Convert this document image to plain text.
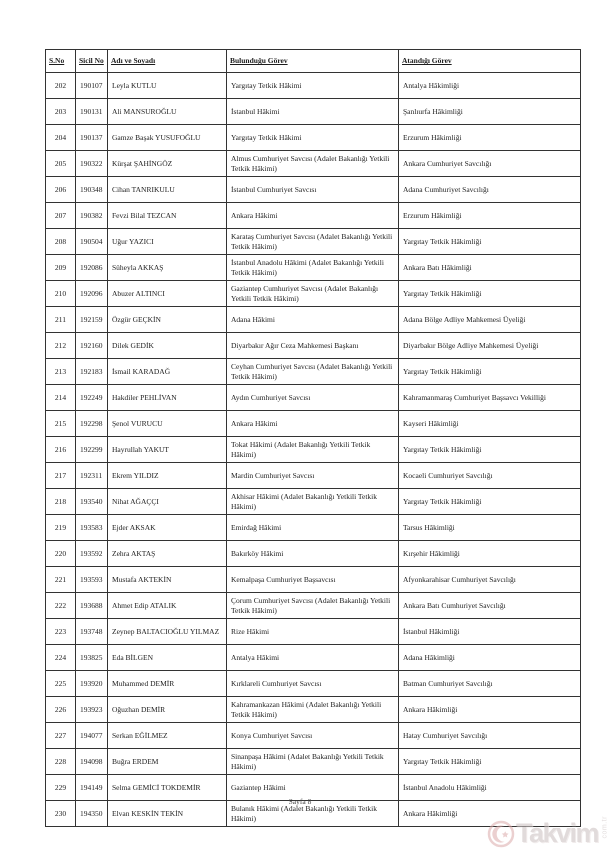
S.No	Sicil No	Adı ve Soyadı	Bulunduğu Görev	Atandığı Görev
202	190107	Leyla KUTLU	Yargıtay Tetkik Hâkimi	Antalya Hâkimliği
203	190131	Ali MANSUROĞLU	İstanbul Hâkimi	Şanlıurfa Hâkimliği
204	190137	Gamze Başak YUSUFOĞLU	Yargıtay Tetkik Hâkimi	Erzurum Hâkimliği
205	190322	Kürşat ŞAHİNGÖZ	Almus Cumhuriyet Savcısı (Adalet Bakanlığı Yetkili Tetkik Hâkimi)	Ankara Cumhuriyet Savcılığı
206	190348	Cihan TANRIKULU	İstanbul Cumhuriyet Savcısı	Adana Cumhuriyet Savcılığı
207	190382	Fevzi Bilal TEZCAN	Ankara Hâkimi	Erzurum Hâkimliği
208	190504	Uğur YAZICI	Karataş Cumhuriyet Savcısı (Adalet Bakanlığı Yetkili Tetkik Hâkimi)	Yargıtay Tetkik Hâkimliği
209	192086	Süheyla AKKAŞ	İstanbul Anadolu Hâkimi (Adalet Bakanlığı Yetkili Tetkik Hâkimi)	Ankara Batı Hâkimliği
210	192096	Abuzer ALTINCI	Gaziantep Cumhuriyet Savcısı (Adalet Bakanlığı Yetkili Tetkik Hâkimi)	Yargıtay Tetkik Hâkimliği
211	192159	Özgür GEÇKİN	Adana Hâkimi	Adana Bölge Adliye Mahkemesi Üyeliği
212	192160	Dilek GEDİK	Diyarbakır Ağır Ceza Mahkemesi Başkanı	Diyarbakır Bölge Adliye Mahkemesi Üyeliği
213	192183	İsmail KARADAĞ	Ceyhan Cumhuriyet Savcısı (Adalet Bakanlığı Yetkili Tetkik Hâkimi)	Yargıtay Tetkik Hâkimliği
214	192249	Hakdiler PEHLİVAN	Aydın Cumhuriyet Savcısı	Kahramanmaraş Cumhuriyet Başsavcı Vekilliği
215	192298	Şenol VURUCU	Ankara Hâkimi	Kayseri Hâkimliği
216	192299	Hayrullah YAKUT	Tokat Hâkimi (Adalet Bakanlığı Yetkili Tetkik Hâkimi)	Yargıtay Tetkik Hâkimliği
217	192311	Ekrem YILDIZ	Mardin Cumhuriyet Savcısı	Kocaeli Cumhuriyet Savcılığı
218	193540	Nihat AĞAÇÇI	Akhisar Hâkimi (Adalet Bakanlığı Yetkili Tetkik Hâkimi)	Yargıtay Tetkik Hâkimliği
219	193583	Ejder AKSAK	Emirdağ Hâkimi	Tarsus Hâkimliği
220	193592	Zehra AKTAŞ	Bakırköy Hâkimi	Kırşehir Hâkimliği
221	193593	Mustafa AKTEKİN	Kemalpaşa Cumhuriyet Başsavcısı	Afyonkarahisar Cumhuriyet Savcılığı
222	193688	Ahmet Edip ATALIK	Çorum Cumhuriyet Savcısı (Adalet Bakanlığı Yetkili Tetkik Hâkimi)	Ankara Batı Cumhuriyet Savcılığı
223	193748	Zeynep BALTACIOĞLU YILMAZ	Rize Hâkimi	İstanbul Hâkimliği
224	193825	Eda BİLGEN	Antalya Hâkimi	Adana Hâkimliği
225	193920	Muhammed DEMİR	Kırklareli Cumhuriyet Savcısı	Batman Cumhuriyet Savcılığı
226	193923	Oğuzhan DEMİR	Kahramankazan Hâkimi (Adalet Bakanlığı Yetkili Tetkik Hâkimi)	Ankara Hâkimliği
227	194077	Serkan EĞİLMEZ	Konya Cumhuriyet Savcısı	Hatay Cumhuriyet Savcılığı
228	194098	Buğra ERDEM	Sinanpaşa Hâkimi (Adalet Bakanlığı Yetkili Tetkik Hâkimi)	Yargıtay Tetkik Hâkimliği
229	194149	Selma GEMİCİ TOKDEMİR	Gaziantep Hâkimi	İstanbul Anadolu Hâkimliği
230	194350	Elvan KESKİN TEKİN	Bulanık Hâkimi (Adalet Bakanlığı Yetkili Tetkik Hâkimi)	Ankara Hâkimliği
Sayfa 8
Takvim com.tr
